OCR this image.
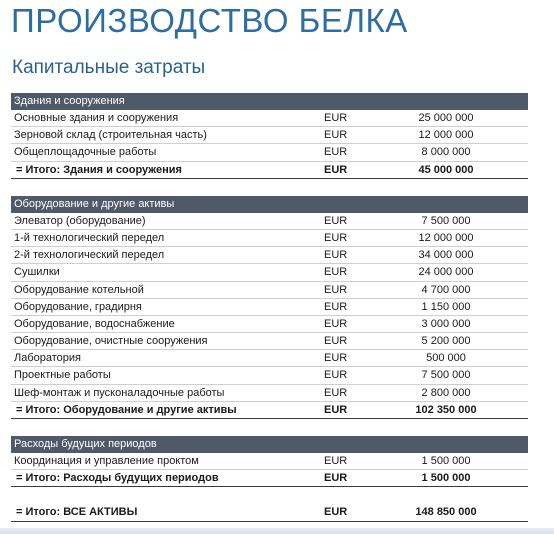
ПРОИЗВОДСТВО БЕЛКА
Капитальные затраты
Здания и сооружения
Основные здания и сооружения	EUR	25 000 000
Зерновой склад (строительная часть)	EUR	12 000 000
Общеплощадочные работы	EUR	8 000 000
= Итого: Здания и сооружения	EUR	45 000 000
Оборудование и другие активы
Элеватор (оборудование)	EUR	7 500 000
1-й технологический передел	EUR	12 000 000
2-й технологический передел	EUR	34 000 000
Сушилки	EUR	24 000 000
Оборудование котельной	EUR	4 700 000
Оборудование, градирня	EUR	1 150 000
Оборудование, водоснабжение	EUR	3 000 000
Оборудование, очистные сооружения	EUR	5 200 000
Лаборатория	EUR	500 000
Проектные работы	EUR	7 500 000
Шеф-монтаж и пусконаладочные работы	EUR	2 800 000
= Итого: Оборудование и другие активы	EUR	102 350 000
Расходы будущих периодов
Координация и управление проктом	EUR	1 500 000
= Итого: Расходы будущих периодов	EUR	1 500 000
= Итого: ВСЕ АКТИВЫ	EUR	148 850 000
